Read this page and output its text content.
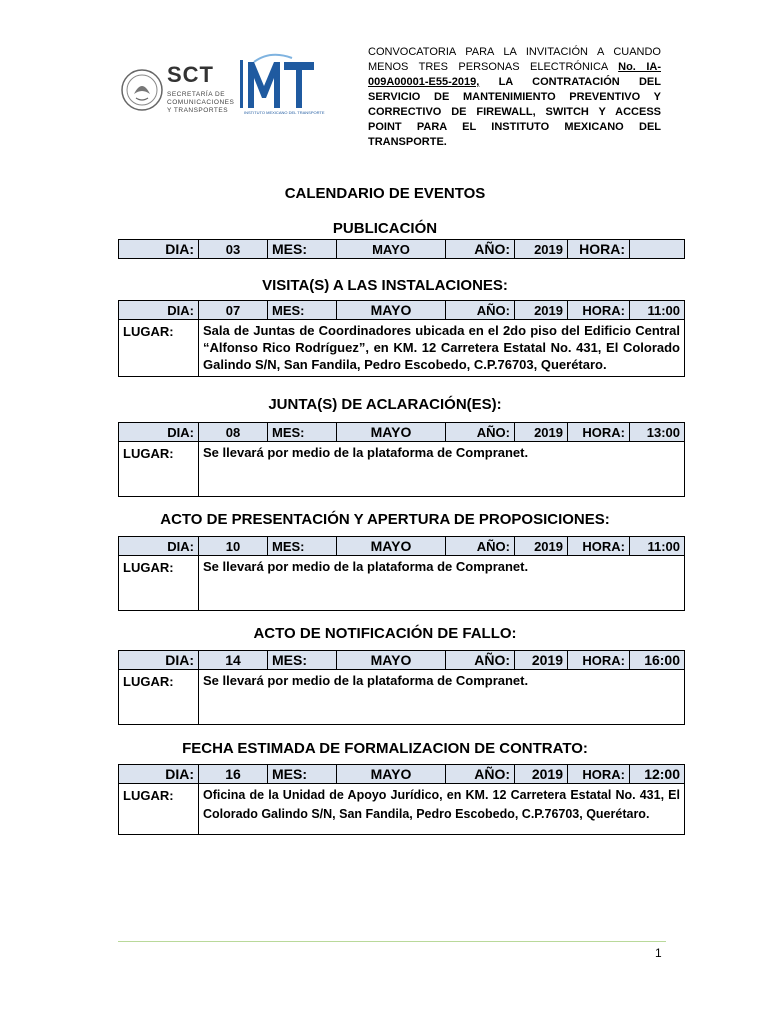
SCT
SECRETARÍA DE
COMUNICACIONES
Y TRANSPORTES	INSTITUTO MEXICANO DEL TRANSPORTE
CONVOCATORIA PARA LA INVITACIÓN A CUANDO MENOS TRES PERSONAS ELECTRÓNICA No. IA-009A00001-E55-2019, LA CONTRATACIÓN DEL SERVICIO DE MANTENIMIENTO PREVENTIVO Y CORRECTIVO DE FIREWALL, SWITCH Y ACCESS POINT PARA EL INSTITUTO MEXICANO DEL TRANSPORTE.
CALENDARIO DE EVENTOS
PUBLICACIÓN
DIA:	03	MES:	MAYO	AÑO:	2019	HORA:	
VISITA(S) A LAS INSTALACIONES:
DIA:	07	MES:	MAYO	AÑO:	2019	HORA:	11:00
LUGAR:	Sala de Juntas de Coordinadores ubicada en el 2do piso del Edificio Central “Alfonso Rico Rodríguez”, en KM. 12 Carretera Estatal No. 431, El Colorado Galindo S/N, San Fandila, Pedro Escobedo, C.P.76703, Querétaro.						
JUNTA(S) DE ACLARACIÓN(ES):
DIA:	08	MES:	MAYO	AÑO:	2019	HORA:	13:00
LUGAR:	Se llevará por medio de la plataforma de Compranet.						
ACTO DE PRESENTACIÓN Y APERTURA DE PROPOSICIONES:
DIA:	10	MES:	MAYO	AÑO:	2019	HORA:	11:00
LUGAR:	Se llevará por medio de la plataforma de Compranet.						
ACTO DE NOTIFICACIÓN DE FALLO:
DIA:	14	MES:	MAYO	AÑO:	2019	HORA:	16:00
LUGAR:	Se llevará por medio de la plataforma de Compranet.						
FECHA ESTIMADA DE FORMALIZACION DE CONTRATO:
DIA:	16	MES:	MAYO	AÑO:	2019	HORA:	12:00
LUGAR:	Oficina de la Unidad de Apoyo Jurídico, en KM. 12 Carretera Estatal No. 431, El Colorado Galindo S/N, San Fandila, Pedro Escobedo, C.P.76703, Querétaro.						
1
